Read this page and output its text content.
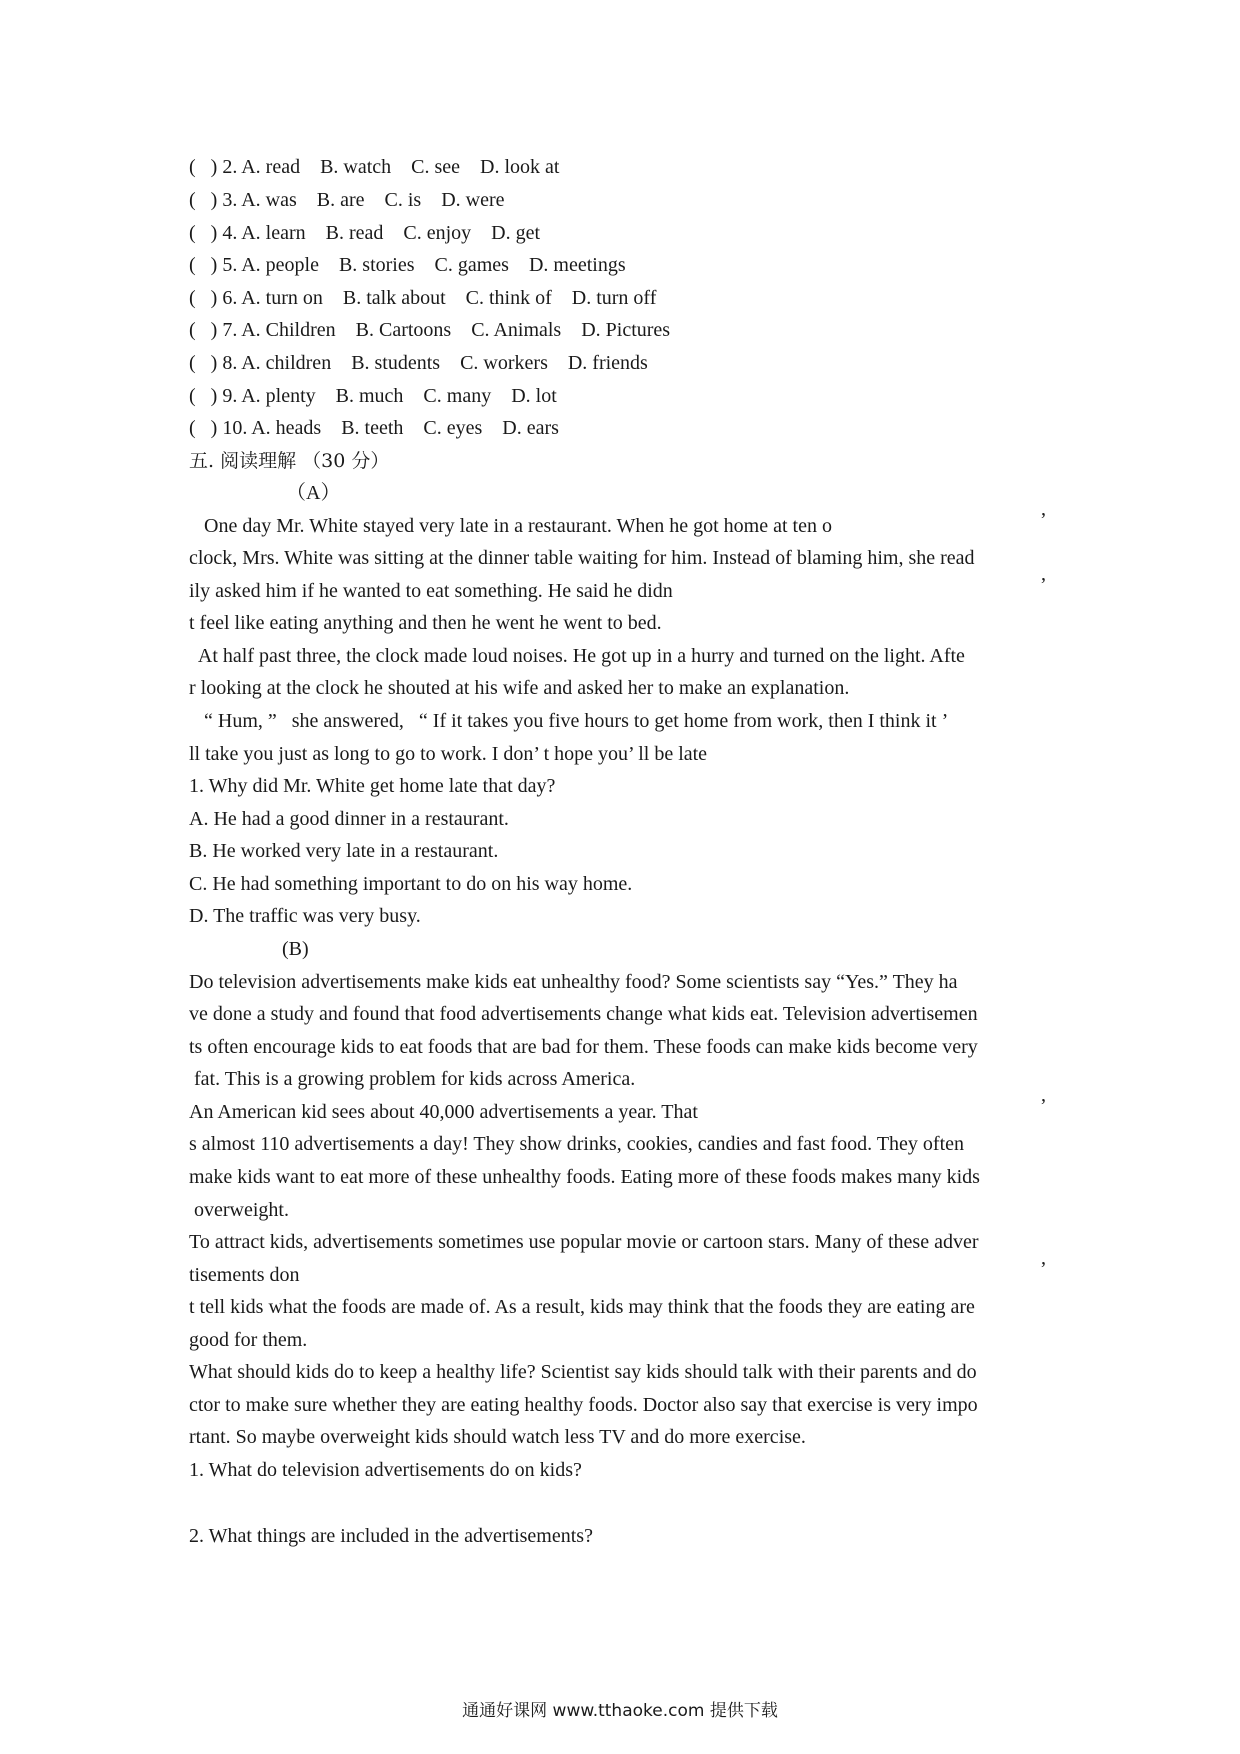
(   ) 2. A. read    B. watch    C. see    D. look at
(   ) 3. A. was    B. are    C. is    D. were
(   ) 4. A. learn    B. read    C. enjoy    D. get
(   ) 5. A. people    B. stories    C. games    D. meetings
(   ) 6. A. turn on    B. talk about    C. think of    D. turn off
(   ) 7. A. Children    B. Cartoons    C. Animals    D. Pictures
(   ) 8. A. children    B. students    C. workers    D. friends
(   ) 9. A. plenty    B. much    C. many    D. lot
(   ) 10. A. heads    B. teeth    C. eyes    D. ears
五. 阅读理解 （30 分）
（A）
One day Mr. White stayed very late in a restaurant. When he got home at ten o	’
clock, Mrs. White was sitting at the dinner table waiting for him. Instead of blaming him, she read
ily asked him if he wanted to eat something. He said he didn	’
t feel like eating anything and then he went he went to bed.
At half past three, the clock made loud noises. He got up in a hurry and turned on the light. Afte
r looking at the clock he shouted at his wife and asked her to make an explanation.
“ Hum, ”   she answered,   “ If it takes you five hours to get home from work, then I think it ’
ll take you just as long to go to work. I don’ t hope you’ ll be late
1. Why did Mr. White get home late that day?
A. He had a good dinner in a restaurant.
B. He worked very late in a restaurant.
C. He had something important to do on his way home.
D. The traffic was very busy.
(B)
Do television advertisements make kids eat unhealthy food? Some scientists say “Yes.” They ha
ve done a study and found that food advertisements change what kids eat. Television advertisemen
ts often encourage kids to eat foods that are bad for them. These foods can make kids become very
fat. This is a growing problem for kids across America.
An American kid sees about 40,000 advertisements a year. That	’
s almost 110 advertisements a day! They show drinks, cookies, candies and fast food. They often
make kids want to eat more of these unhealthy foods. Eating more of these foods makes many kids
overweight.
To attract kids, advertisements sometimes use popular movie or cartoon stars. Many of these adver
tisements don	’
t tell kids what the foods are made of. As a result, kids may think that the foods they are eating are
good for them.
What should kids do to keep a healthy life? Scientist say kids should talk with their parents and do
ctor to make sure whether they are eating healthy foods. Doctor also say that exercise is very impo
rtant. So maybe overweight kids should watch less TV and do more exercise.
1. What do television advertisements do on kids?
2. What things are included in the advertisements?
通通好课网 www.tthaoke.com 提供下载
